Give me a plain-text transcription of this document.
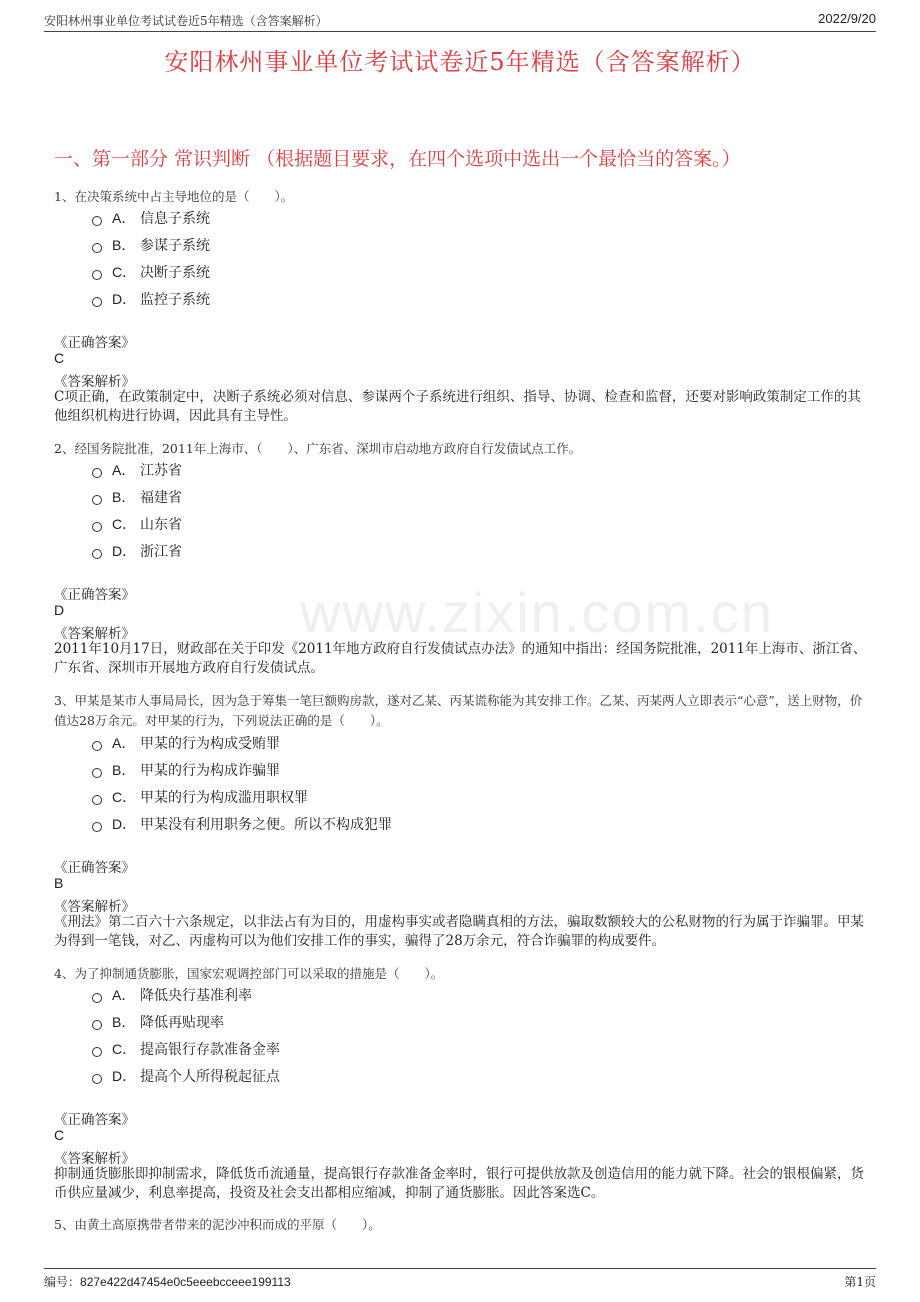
安阳林州事业单位考试试卷近5年精选（含答案解析）	2022/9/20
安阳林州事业单位考试试卷近5年精选（含答案解析）
一、第一部分 常识判断 （根据题目要求，在四个选项中选出一个最恰当的答案。）
www.zixin.com.cn
1、在决策系统中占主导地位的是（　　）。
A． 信息子系统
B． 参谋子系统
C． 决断子系统
D． 监控子系统
《正确答案》
C
《答案解析》
C项正确，在政策制定中，决断子系统必须对信息、参谋两个子系统进行组织、指导、协调、检查和监督，还要对影响政策制定工作的其他组织机构进行协调，因此具有主导性。
2、经国务院批准，2011年上海市、（　　）、广东省、深圳市启动地方政府自行发债试点工作。
A． 江苏省
B． 福建省
C． 山东省
D． 浙江省
《正确答案》
D
《答案解析》
2011年10月17日，财政部在关于印发《2011年地方政府自行发债试点办法》的通知中指出：经国务院批准，2011年上海市、浙江省、广东省、深圳市开展地方政府自行发债试点。
3、甲某是某市人事局局长，因为急于筹集一笔巨额购房款，遂对乙某、丙某谎称能为其安排工作。乙某、丙某两人立即表示“心意”，送上财物，价值达28万余元。对甲某的行为，下列说法正确的是（　　）。
A． 甲某的行为构成受贿罪
B． 甲某的行为构成诈骗罪
C． 甲某的行为构成滥用职权罪
D． 甲某没有利用职务之便。所以不构成犯罪
《正确答案》
B
《答案解析》
《刑法》第二百六十六条规定，以非法占有为目的，用虚构事实或者隐瞒真相的方法，骗取数额较大的公私财物的行为属于诈骗罪。甲某为得到一笔钱，对乙、丙虚构可以为他们安排工作的事实，骗得了28万余元，符合诈骗罪的构成要件。
4、为了抑制通货膨胀，国家宏观调控部门可以采取的措施是（　　）。
A． 降低央行基准利率
B． 降低再贴现率
C． 提高银行存款准备金率
D． 提高个人所得税起征点
《正确答案》
C
《答案解析》
抑制通货膨胀即抑制需求，降低货币流通量，提高银行存款准备金率时，银行可提供放款及创造信用的能力就下降。社会的银根偏紧，货币供应量减少，利息率提高，投资及社会支出都相应缩减，抑制了通货膨胀。因此答案选C。
5、由黄土高原携带者带来的泥沙冲积而成的平原（　　）。
编号：827e422d47454e0c5eeebcceee199113	第1页
